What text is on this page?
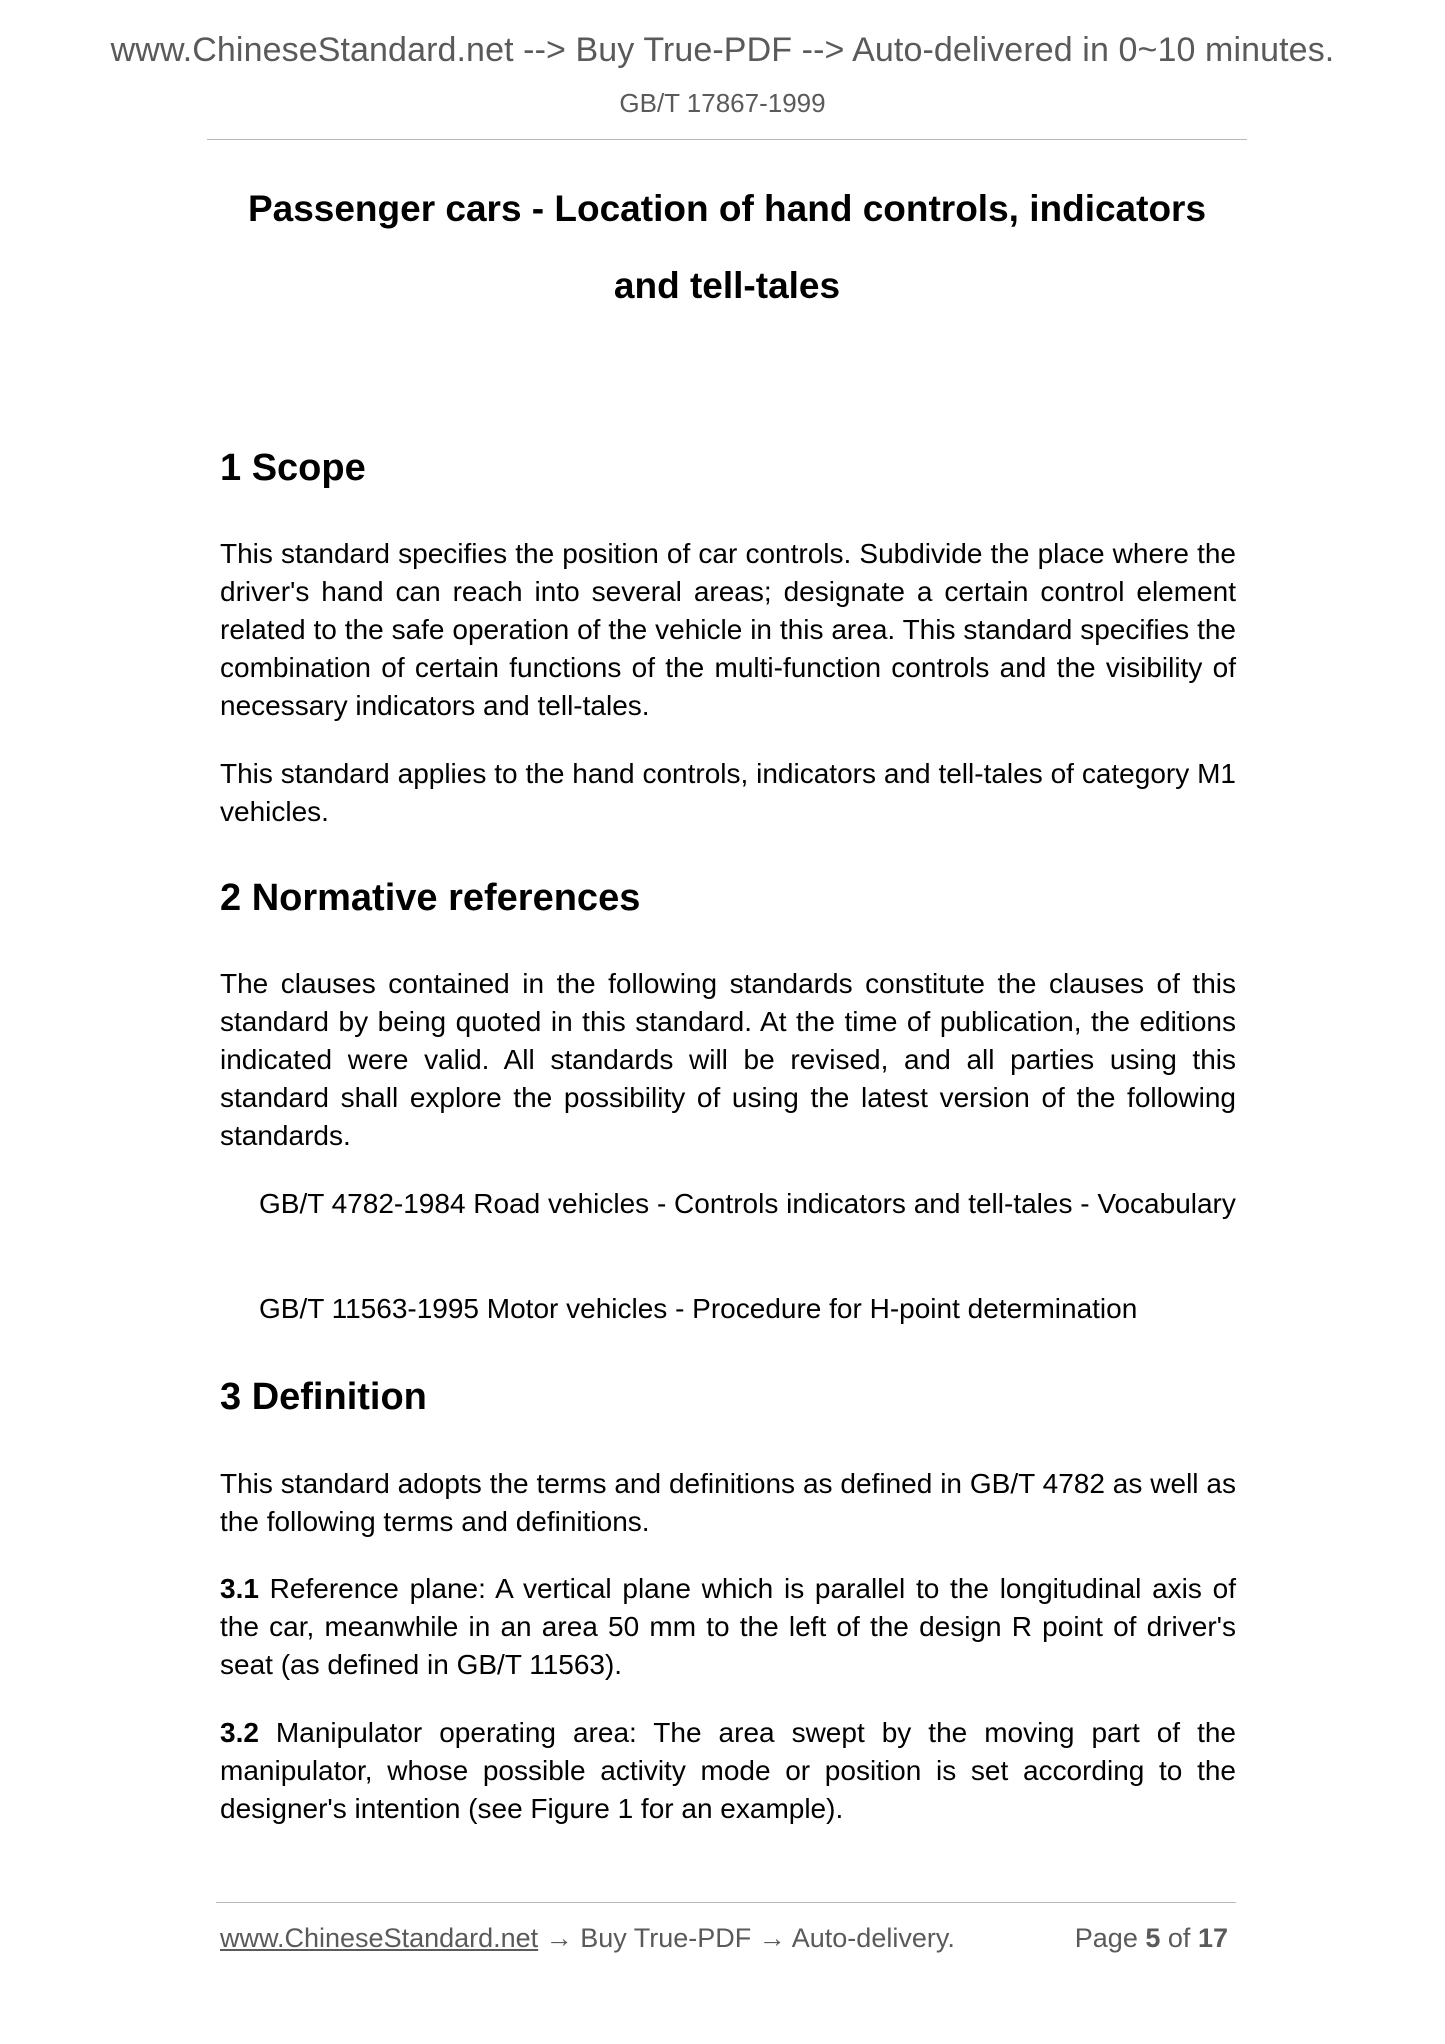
www.ChineseStandard.net --> Buy True-PDF --> Auto-delivered in 0~10 minutes.
GB/T 17867-1999
Passenger cars - Location of hand controls, indicators
and tell-tales
1 Scope

This standard specifies the position of car controls. Subdivide the place where the driver's hand can reach into several areas; designate a certain control element related to the safe operation of the vehicle in this area. This standard specifies the combination of certain functions of the multi-function controls and the visibility of necessary indicators and tell-tales.

This standard applies to the hand controls, indicators and tell-tales of category M1 vehicles.

2 Normative references

The clauses contained in the following standards constitute the clauses of this standard by being quoted in this standard. At the time of publication, the editions indicated were valid. All standards will be revised, and all parties using this standard shall explore the possibility of using the latest version of the following standards.

GB/T 4782-1984 Road vehicles - Controls indicators and tell-tales - Vocabulary

GB/T 11563-1995 Motor vehicles - Procedure for H-point determination

3 Definition

This standard adopts the terms and definitions as defined in GB/T 4782 as well as the following terms and definitions.

3.1 Reference plane: A vertical plane which is parallel to the longitudinal axis of the car, meanwhile in an area 50 mm to the left of the design R point of driver's seat (as defined in GB/T 11563).

3.2 Manipulator operating area: The area swept by the moving part of the manipulator, whose possible activity mode or position is set according to the designer's intention (see Figure 1 for an example).

www.ChineseStandard.net → Buy True-PDF → Auto-delivery.	Page 5 of 17
